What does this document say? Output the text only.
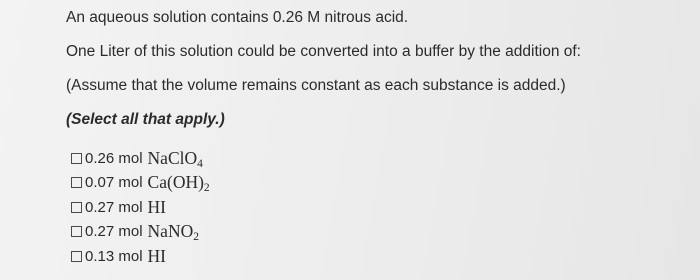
An aqueous solution contains 0.26 M nitrous acid.
One Liter of this solution could be converted into a buffer by the addition of:
(Assume that the volume remains constant as each substance is added.)
(Select all that apply.)
0.26 mol NaClO$_4$
0.07 mol $Ca(OH)_2$
0.27 mol HI
0.27 mol NaNO$_2$
0.13 mol HI
